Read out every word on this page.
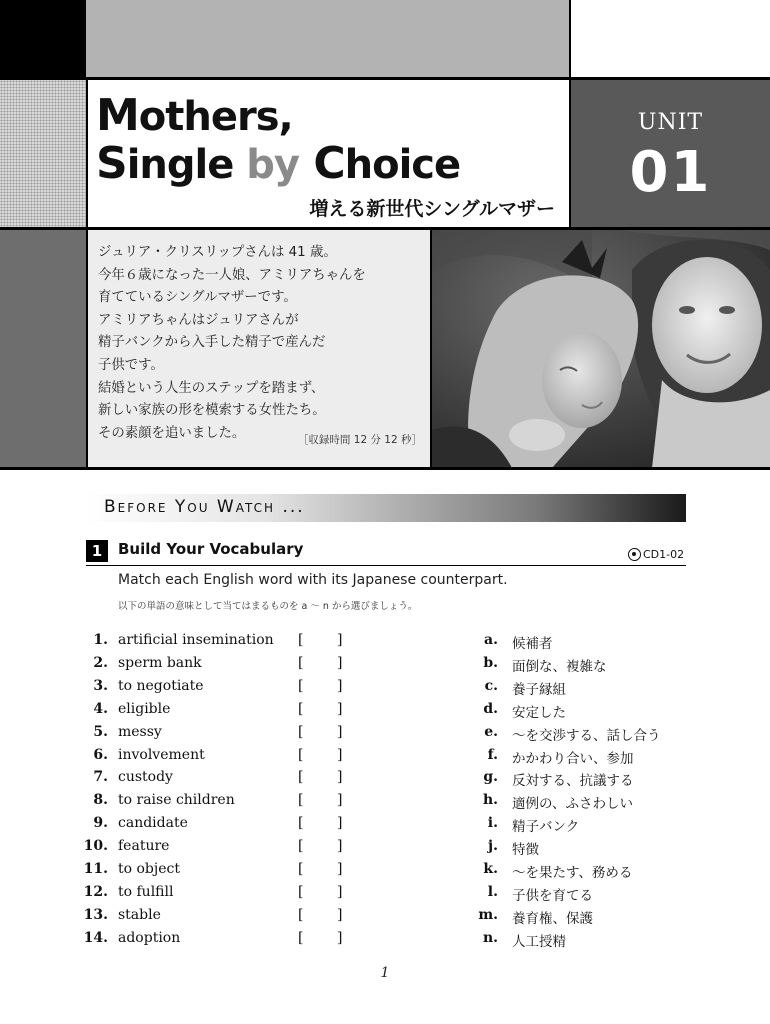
Mothers,
Single by Choice
増える新世代シングルマザー
UNIT
01
ジュリア・クリスリップさんは 41 歳。
今年６歳になった一人娘、アミリアちゃんを
育てているシングルマザーです。
アミリアちゃんはジュリアさんが
精子バンクから入手した精子で産んだ
子供です。
結婚という人生のステップを踏まず、
新しい家族の形を模索する女性たち。
その素顔を追いました。	［収録時間 12 分 12 秒］
Before You Watch ...
1	Build Your Vocabulary	CD1-02
Match each English word with its Japanese counterpart.
以下の単語の意味として当てはまるものを a 〜 n から選びましょう。
1. artificial insemination [ ]	a. 候補者
2. sperm bank	[ ]	b. 面倒な、複雑な
3. to negotiate	[ ]	c. 養子縁組
4. eligible	[ ]	d. 安定した
5. messy	[ ]	e. 〜を交渉する、話し合う
6. involvement	[ ]	f. かかわり合い、参加
7. custody	[ ]	g. 反対する、抗議する
8. to raise children	[ ]	h. 適例の、ふさわしい
9. candidate	[ ]	i. 精子バンク
10. feature	[ ]	j. 特徴
11. to object	[ ]	k. 〜を果たす、務める
12. to fulfill	[ ]	l. 子供を育てる
13. stable	[ ]	m. 養育権、保護
14. adoption	[ ]	n. 人工授精
1
